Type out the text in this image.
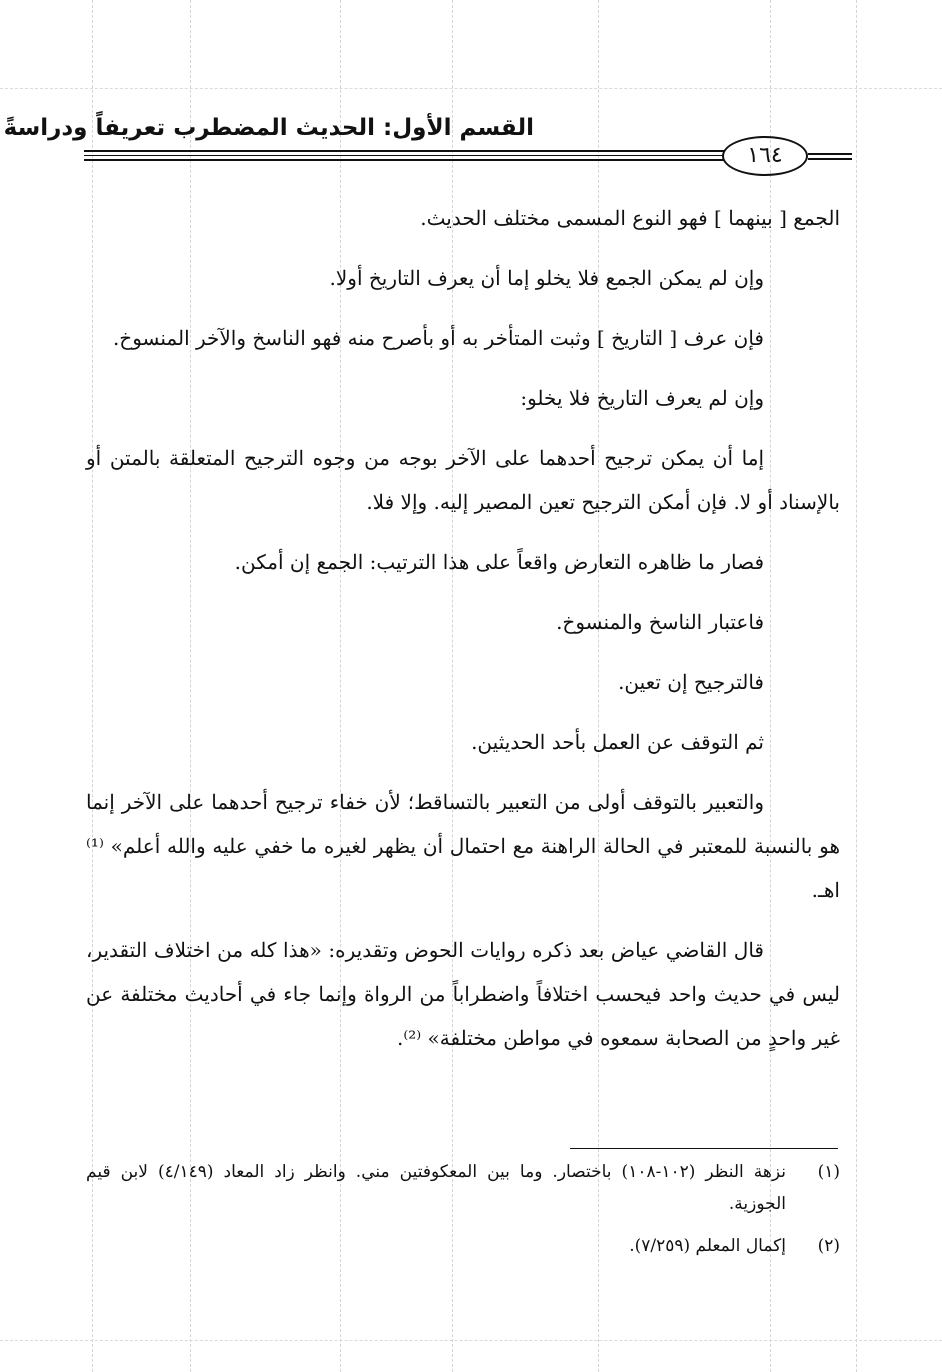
القسم الأول: الحديث المضطرب تعريفاً ودراسةً
١٦٤

الجمع [ بينهما ] فهو النوع المسمى مختلف الحديث.

وإن لم يمكن الجمع فلا يخلو إما أن يعرف التاريخ أولا.

فإن عرف [ التاريخ ] وثبت المتأخر به أو بأصرح منه فهو الناسخ والآخر المنسوخ.

وإن لم يعرف التاريخ فلا يخلو:

إما أن يمكن ترجيح أحدهما على الآخر بوجه من وجوه الترجيح المتعلقة بالمتن أو بالإسناد أو لا. فإن أمكن الترجيح تعين المصير إليه. وإلا فلا.

فصار ما ظاهره التعارض واقعاً على هذا الترتيب: الجمع إن أمكن.

فاعتبار الناسخ والمنسوخ.

فالترجيح إن تعين.

ثم التوقف عن العمل بأحد الحديثين.

والتعبير بالتوقف أولى من التعبير بالتساقط؛ لأن خفاء ترجيح أحدهما على الآخر إنما هو بالنسبة للمعتبر في الحالة الراهنة مع احتمال أن يظهر لغيره ما خفي عليه والله أعلم» ⁽¹⁾اهـ.

قال القاضي عياض بعد ذكره روايات الحوض وتقديره: «هذا كله من اختلاف التقدير، ليس في حديث واحد فيحسب اختلافاً واضطراباً من الرواة وإنما جاء في أحاديث مختلفة عن غير واحدٍ من الصحابة سمعوه في مواطن مختلفة» ⁽²⁾.

(١)
نزهة النظر (١٠٢-١٠٨) باختصار. وما بين المعكوفتين مني. وانظر زاد المعاد (٤/١٤٩) لابن قيم الجوزية.
(٢)
إكمال المعلم (٧/٢٥٩).
